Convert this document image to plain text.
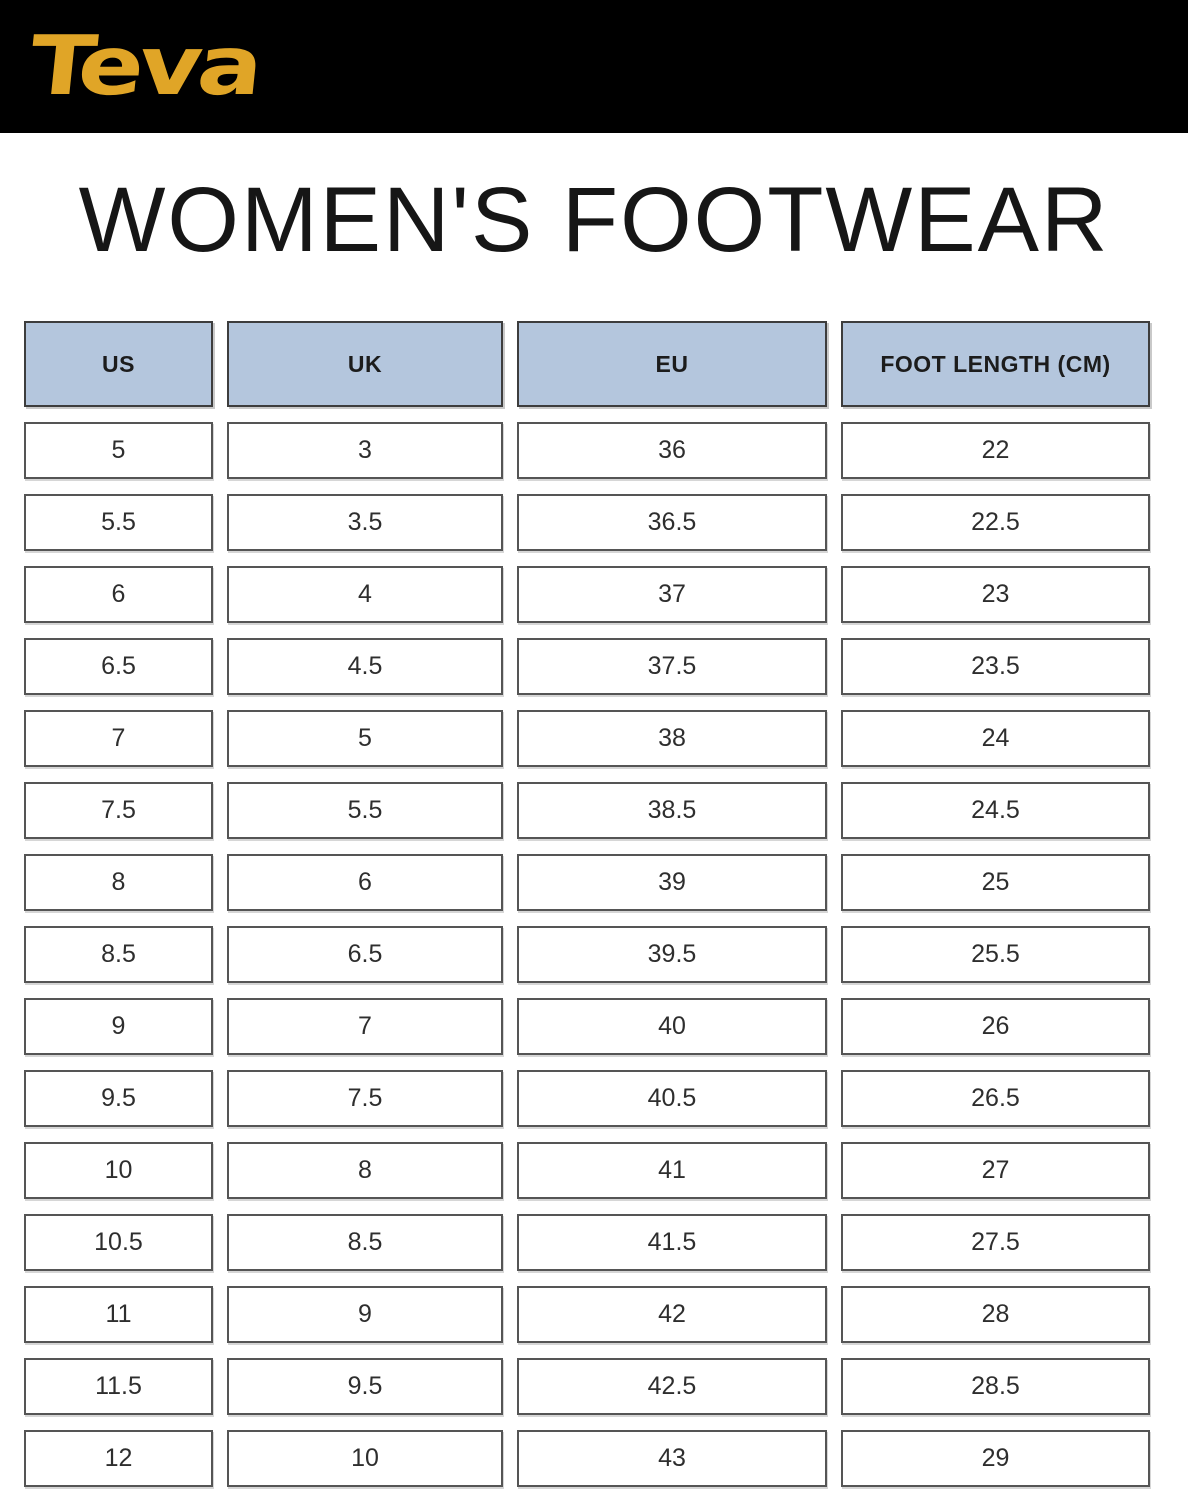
Teva
WOMEN'S FOOTWEAR
US	UK	EU	FOOT LENGTH (CM)
5	3	36	22
5.5	3.5	36.5	22.5
6	4	37	23
6.5	4.5	37.5	23.5
7	5	38	24
7.5	5.5	38.5	24.5
8	6	39	25
8.5	6.5	39.5	25.5
9	7	40	26
9.5	7.5	40.5	26.5
10	8	41	27
10.5	8.5	41.5	27.5
11	9	42	28
11.5	9.5	42.5	28.5
12	10	43	29
